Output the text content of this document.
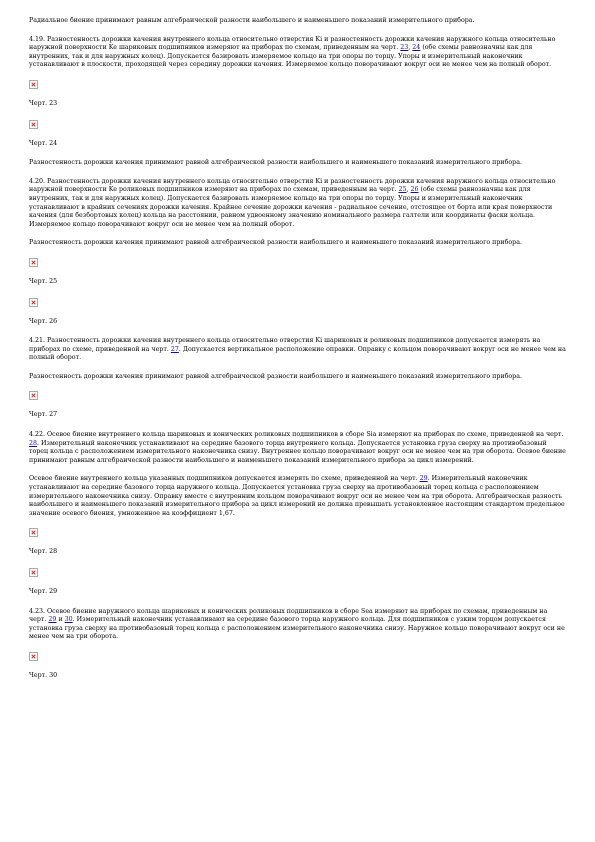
Радиальное биение принимают равным алгебраической разности наибольшего и наименьшего показаний измерительного прибора.

4.19. Разностенность дорожки качения внутреннего кольца относительно отверстия Ki и разностенность дорожки качения наружного кольца относительно наружной поверхности Ke шариковых подшипников измеряют на приборах по схемам, приведенным на черт. 23, 24 (обе схемы равнозначны как для внутренних, так и для наружных колец). Допускается базировать измеряемое кольцо на три опоры по торцу. Упоры и измерительный наконечник устанавливают в плоскости, проходящей через середину дорожки качения. Измеряемое кольцо поворачивают вокруг оси не менее чем на полный оборот.

Черт. 23

Черт. 24

Разностенность дорожки качения принимают равной алгебраической разности наибольшего и наименьшего показаний измерительного прибора.

4.20. Разностенность дорожки качения внутреннего кольца относительно отверстия Ki и разностенность дорожки качения наружного кольца относительно наружной поверхности Ke роликовых подшипников измеряют на приборах по схемам, приведенным на черт. 25, 26 (обе схемы равнозначны как для внутренних, так и для наружных колец). Допускается базировать измеряемое кольцо на три опоры по торцу. Упоры и измерительный наконечник устанавливают в крайних сечениях дорожки качения. Крайнее сечение дорожки качения - радиальное сечение, отстоящее от борта или края поверхности качения (для безбортовых колец) кольца на расстоянии, равном удвоенному значению номинального размера галтели или координаты фаски кольца. Измеряемое кольцо поворачивают вокруг оси не менее чем на полный оборот.

Разностенность дорожки качения принимают равной алгебраической разности наибольшего и наименьшего показаний измерительного прибора.

Черт. 25

Черт. 26

4.21. Разностенность дорожки качения внутреннего кольца относительно отверстия Ki шариковых и роликовых подшипников допускается измерять на приборах по схеме, приведенной на черт. 27. Допускается вертикальное расположение оправки. Оправку с кольцом поворачивают вокруг оси не менее чем на полный оборот.

Разностенность дорожки качения принимают равной алгебраической разности наибольшего и наименьшего показаний измерительного прибора.

Черт. 27

4.22. Осевое биение внутреннего кольца шариковых и конических роликовых подшипников в сборе Sia измеряют на приборах по схеме, приведенной на черт. 28. Измерительный наконечник устанавливают на середине базового торца внутреннего кольца. Допускается установка груза сверху на противобазовый торец кольца с расположением измерительного наконечника снизу. Внутреннее кольцо поворачивают вокруг оси не менее чем на три оборота. Осевое биение принимают равным алгебраической разности наибольшего и наименьшего показаний измерительного прибора за цикл измерений.

Осевое биение внутреннего кольца указанных подшипников допускается измерять по схеме, приведенной на черт. 29. Измерительный наконечник устанавливают на середине базового торца наружного кольца. Допускается установка груза сверху на противобазовый торец кольца с расположением измерительного наконечника снизу. Оправку вместе с внутренним кольцом поворачивают вокруг оси не менее чем на три оборота. Алгебраическая разность наибольшего и наименьшего показаний измерительного прибора за цикл измерений не должна превышать установленное настоящим стандартом предельное значение осевого биения, умноженное на коэффициент 1,67.

Черт. 28

Черт. 29

4.23. Осевое биение наружного кольца шариковых и конических роликовых подшипников в сборе Sea измеряют на приборах по схемам, приведенным на черт. 29 и 30. Измерительный наконечник устанавливают на середине базового торца наружного кольца. Для подшипников с узким торцом допускается установка груза сверху на противобазовый торец кольца с расположением измерительного наконечника снизу. Наружное кольцо поворачивают вокруг оси не менее чем на три оборота.

Черт. 30
